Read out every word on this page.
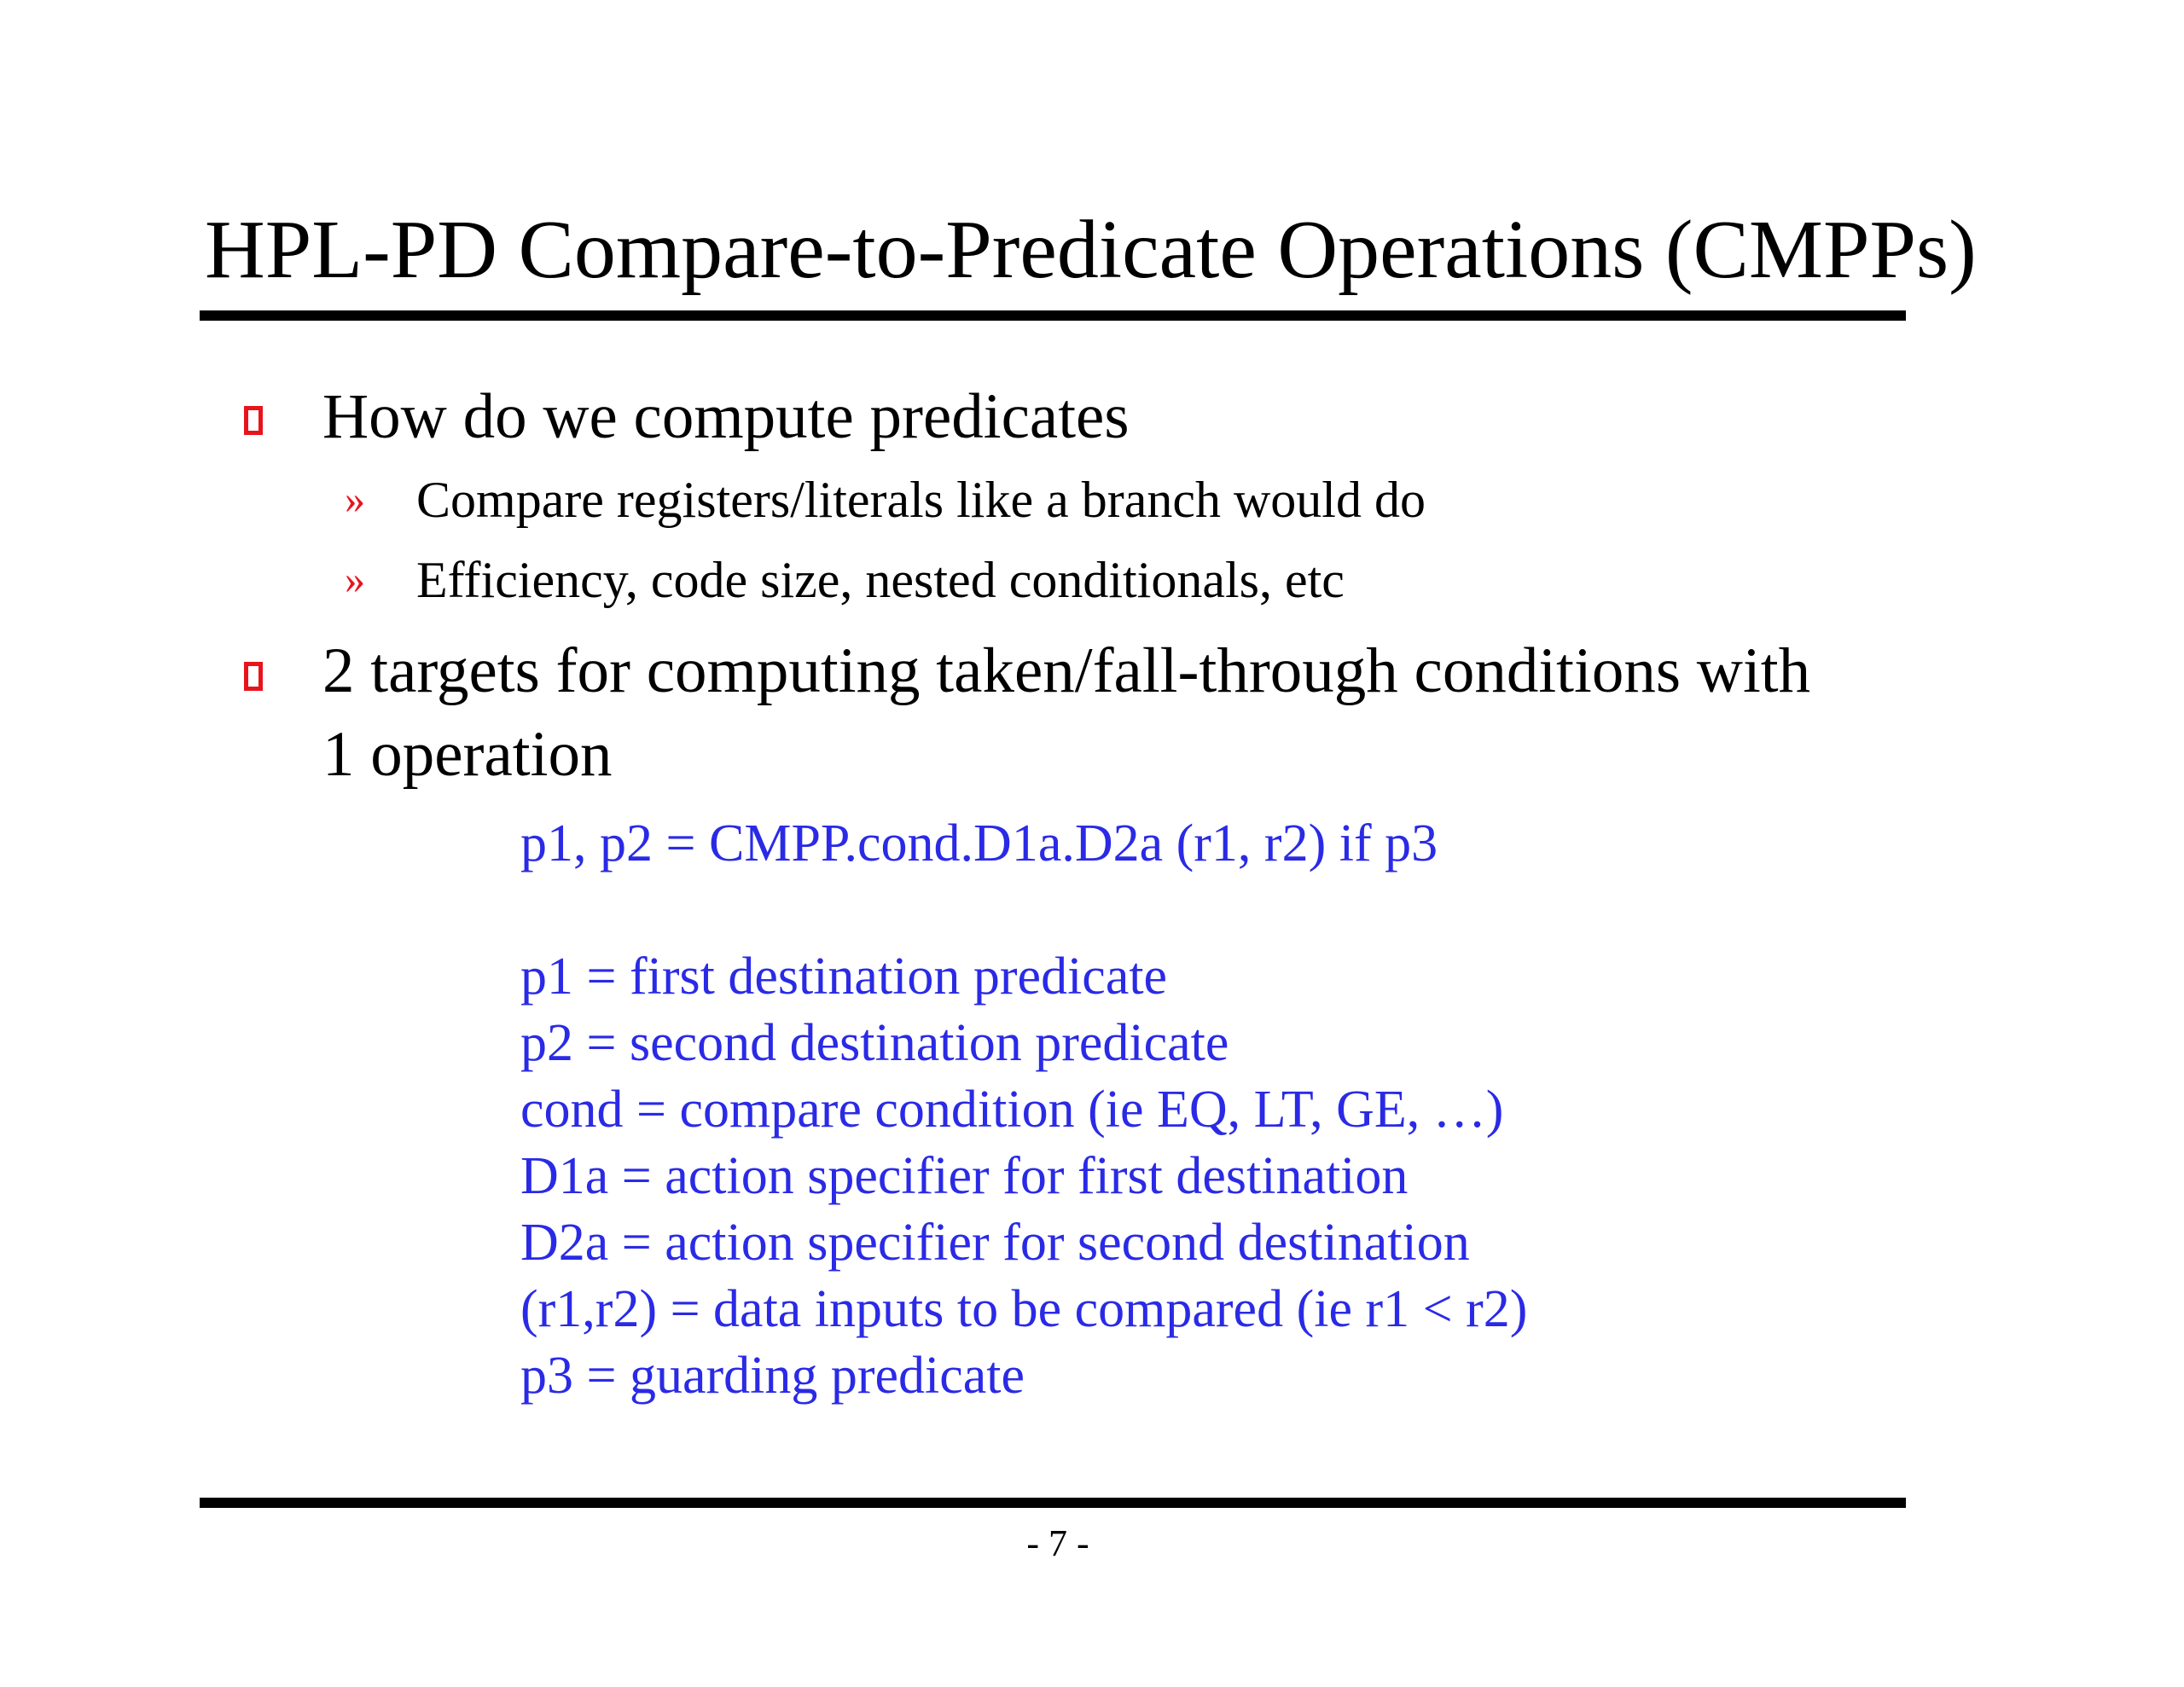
HPL-PD Compare-to-Predicate Operations (CMPPs)
How do we compute predicates
» Compare registers/literals like a branch would do
» Efficiency, code size, nested conditionals, etc
2 targets for computing taken/fall-through conditions with
1 operation
p1, p2 = CMPP.cond.D1a.D2a (r1, r2) if p3
p1 = first destination predicate
p2 = second destination predicate
cond = compare condition (ie EQ, LT, GE, …)
D1a = action specifier for first destination
D2a = action specifier for second destination
(r1,r2) = data inputs to be compared (ie r1 < r2)
p3 = guarding predicate
- 7 -
